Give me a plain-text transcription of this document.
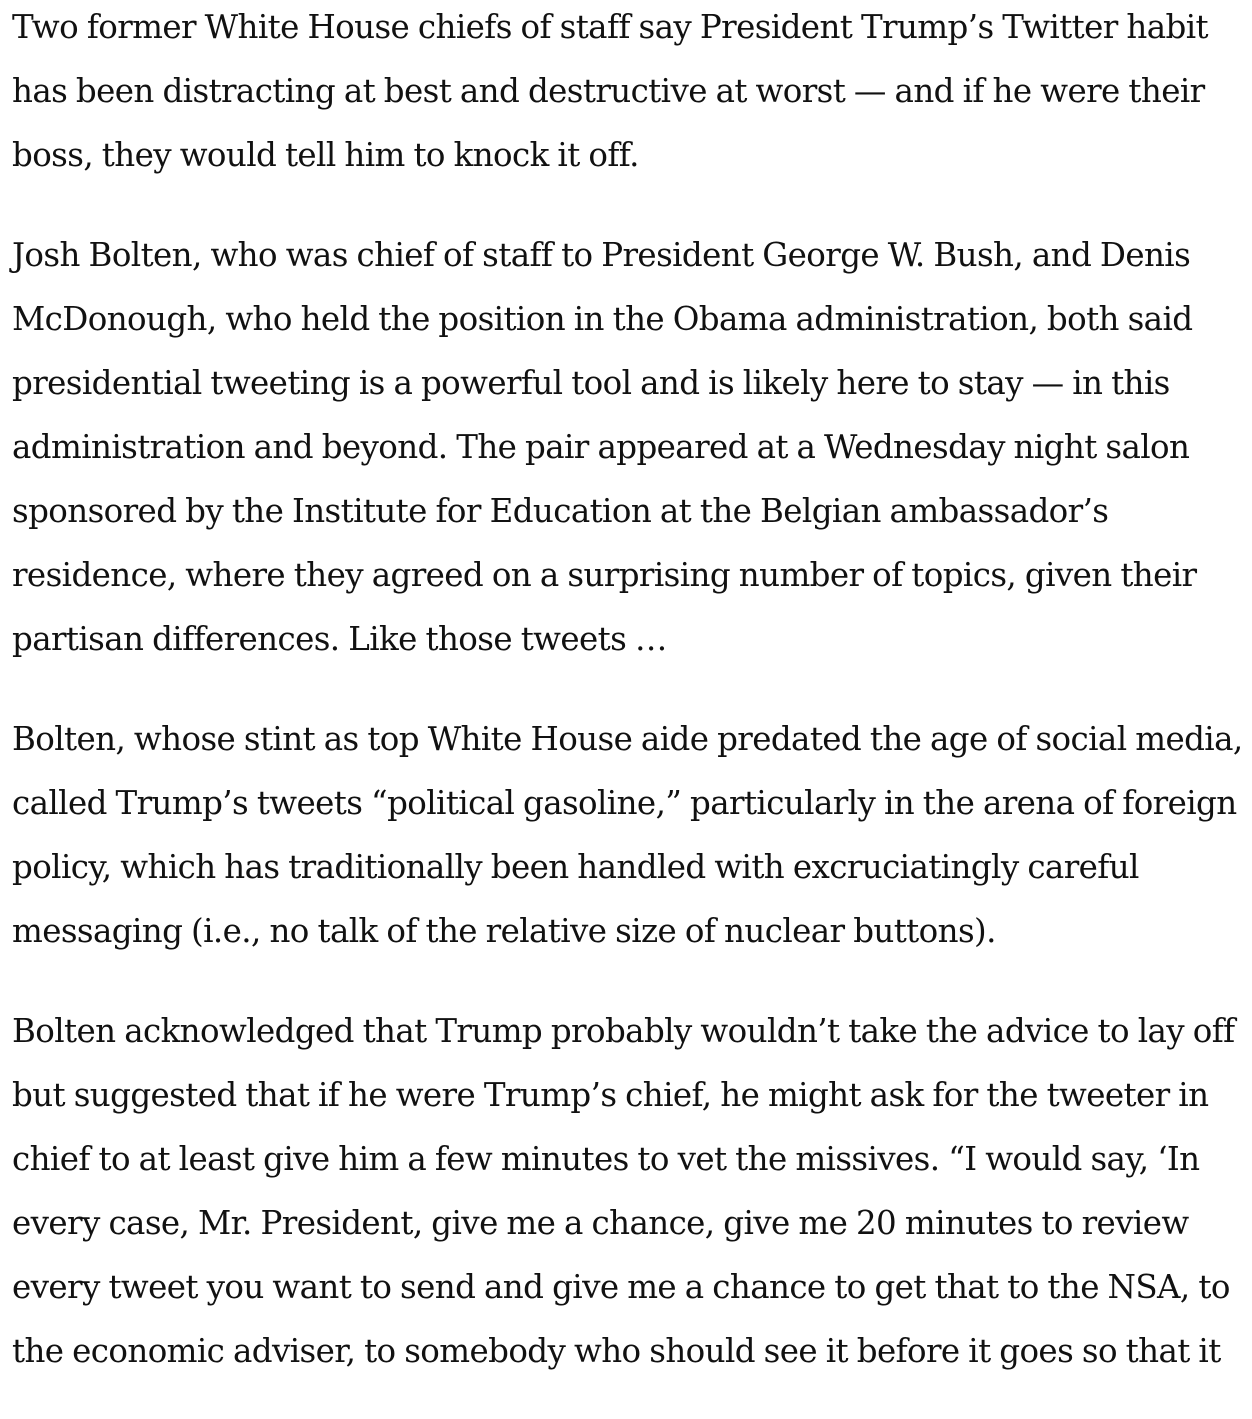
Two former White House chiefs of staff say President Trump’s Twitter habit has been distracting at best and destructive at worst — and if he were their boss, they would tell him to knock it off.

Josh Bolten, who was chief of staff to President George W. Bush, and Denis McDonough, who held the position in the Obama administration, both said presidential tweeting is a powerful tool and is likely here to stay — in this administration and beyond. The pair appeared at a Wednesday night salon sponsored by the Institute for Education at the Belgian ambassador’s residence, where they agreed on a surprising number of topics, given their partisan differences. Like those tweets …

Bolten, whose stint as top White House aide predated the age of social media, called Trump’s tweets “political gasoline,” particularly in the arena of foreign policy, which has traditionally been handled with excruciatingly careful messaging (i.e., no talk of the relative size of nuclear buttons).

Bolten acknowledged that Trump probably wouldn’t take the advice to lay off but suggested that if he were Trump’s chief, he might ask for the tweeter in chief to at least give him a few minutes to vet the missives. “I would say, ‘In every case, Mr. President, give me a chance, give me 20 minutes to review every tweet you want to send and give me a chance to get that to the NSA, to the economic adviser, to somebody who should see it before it goes so that it
